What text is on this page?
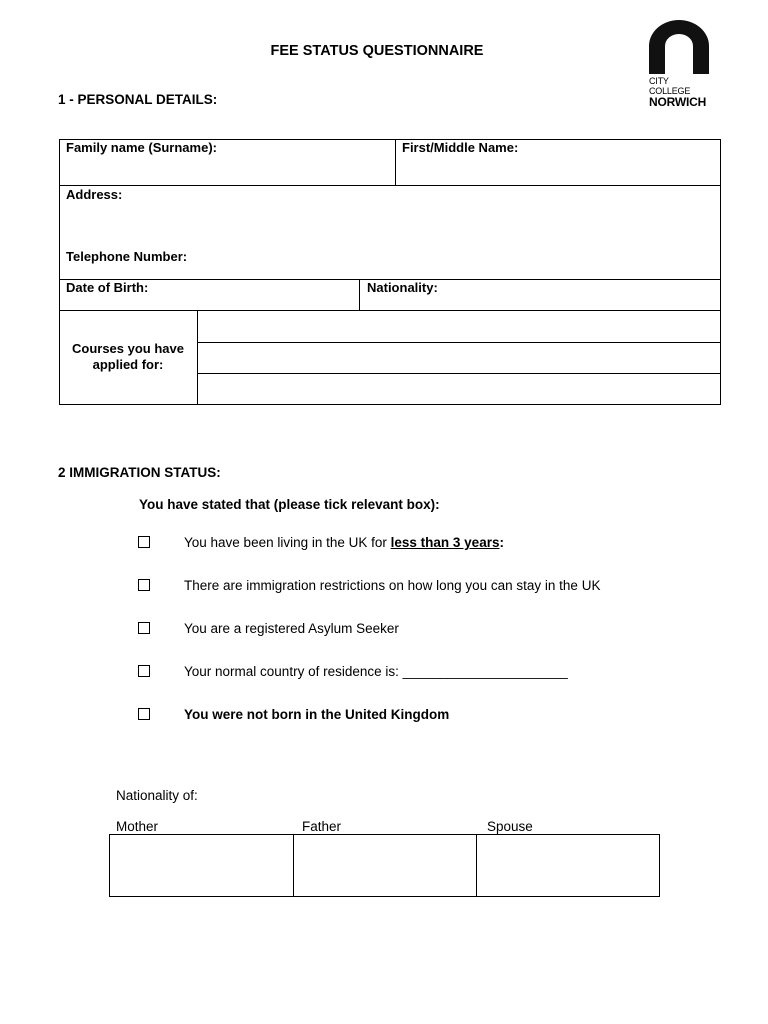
FEE STATUS QUESTIONNAIRE
CITY COLLEGE
NORWICH
1 - PERSONAL DETAILS:
Family name (Surname):	First/Middle Name:
Address:
Telephone Number:
Date of Birth:	Nationality:
Courses you have applied for:
2 IMMIGRATION STATUS:
You have stated that (please tick relevant box):
You have been living in the UK for less than 3 years:
There are immigration restrictions on how long you can stay in the UK
You are a registered Asylum Seeker
Your normal country of residence is: ______________________
You were not born in the United Kingdom
Nationality of:
Mother	Father	Spouse
